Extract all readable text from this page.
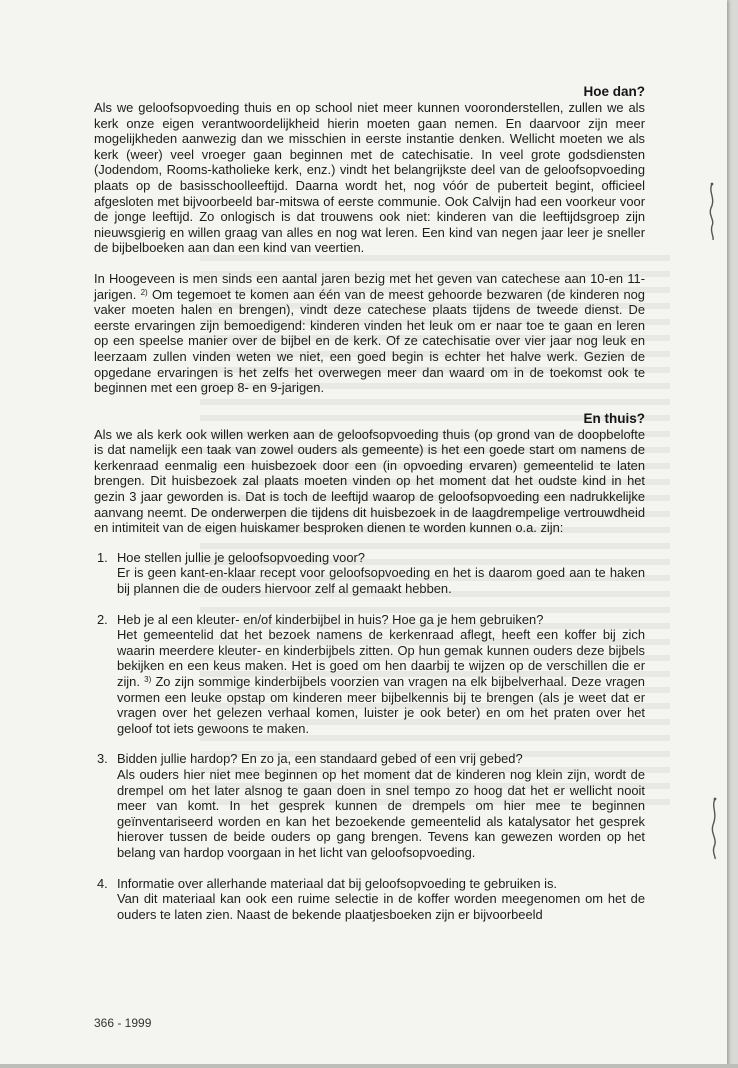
Hoe dan?

Als we geloofsopvoeding thuis en op school niet meer kunnen vooronderstellen, zullen we als kerk onze eigen verantwoordelijkheid hierin moeten gaan nemen. En daarvoor zijn meer mogelijkheden aanwezig dan we misschien in eerste instantie denken. Wellicht moeten we als kerk (weer) veel vroeger gaan beginnen met de catechisatie. In veel grote godsdiensten (Jodendom, Rooms-katholieke kerk, enz.) vindt het belangrijkste deel van de geloofsopvoeding plaats op de basisschoolleeftijd. Daarna wordt het, nog vóór de puberteit begint, officieel afgesloten met bijvoorbeeld bar-mitswa of eerste communie. Ook Calvijn had een voorkeur voor de jonge leeftijd. Zo onlogisch is dat trouwens ook niet: kinderen van die leeftijdsgroep zijn nieuwsgierig en willen graag van alles en nog wat leren. Een kind van negen jaar leer je sneller de bijbelboeken aan dan een kind van veertien.

In Hoogeveen is men sinds een aantal jaren bezig met het geven van catechese aan 10-en 11-jarigen. $^{2)}$ Om tegemoet te komen aan één van de meest gehoorde bezwaren (de kinderen nog vaker moeten halen en brengen), vindt deze catechese plaats tijdens de tweede dienst. De eerste ervaringen zijn bemoedigend: kinderen vinden het leuk om er naar toe te gaan en leren op een speelse manier over de bijbel en de kerk. Of ze catechisatie over vier jaar nog leuk en leerzaam zullen vinden weten we niet, een goed begin is echter het halve werk. Gezien de opgedane ervaringen is het zelfs het overwegen meer dan waard om in de toekomst ook te beginnen met een groep 8- en 9-jarigen.

En thuis?

Als we als kerk ook willen werken aan de geloofsopvoeding thuis (op grond van de doopbelofte is dat namelijk een taak van zowel ouders als gemeente) is het een goede start om namens de kerkenraad eenmalig een huisbezoek door een (in opvoeding ervaren) gemeentelid te laten brengen. Dit huisbezoek zal plaats moeten vinden op het moment dat het oudste kind in het gezin 3 jaar geworden is. Dat is toch de leeftijd waarop de geloofsopvoeding een nadrukkelijke aanvang neemt. De onderwerpen die tijdens dit huisbezoek in de laagdrempelige vertrouwdheid en intimiteit van de eigen huiskamer besproken dienen te worden kunnen o.a. zijn:

1. Hoe stellen jullie je geloofsopvoeding voor?
Er is geen kant-en-klaar recept voor geloofsopvoeding en het is daarom goed aan te haken bij plannen die de ouders hiervoor zelf al gemaakt hebben.
2. Heb je al een kleuter- en/of kinderbijbel in huis? Hoe ga je hem gebruiken?
Het gemeentelid dat het bezoek namens de kerkenraad aflegt, heeft een koffer bij zich waarin meerdere kleuter- en kinderbijbels zitten. Op hun gemak kunnen ouders deze bijbels bekijken en een keus maken. Het is goed om hen daarbij te wijzen op de verschillen die er zijn. $^{3)}$ Zo zijn sommige kinderbijbels voorzien van vragen na elk bijbelverhaal. Deze vragen vormen een leuke opstap om kinderen meer bijbelkennis bij te brengen (als je weet dat er vragen over het gelezen verhaal komen, luister je ook beter) en om het praten over het geloof tot iets gewoons te maken.
3. Bidden jullie hardop? En zo ja, een standaard gebed of een vrij gebed?
Als ouders hier niet mee beginnen op het moment dat de kinderen nog klein zijn, wordt de drempel om het later alsnog te gaan doen in snel tempo zo hoog dat het er wellicht nooit meer van komt. In het gesprek kunnen de drempels om hier mee te beginnen geïnventariseerd worden en kan het bezoekende gemeentelid als katalysator het gesprek hierover tussen de beide ouders op gang brengen. Tevens kan gewezen worden op het belang van hardop voorgaan in het licht van geloofsopvoeding.
4. Informatie over allerhande materiaal dat bij geloofsopvoeding te gebruiken is.
Van dit materiaal kan ook een ruime selectie in de koffer worden meegenomen om het de ouders te laten zien. Naast de bekende plaatjesboeken zijn er bijvoorbeeld
366 - 1999
